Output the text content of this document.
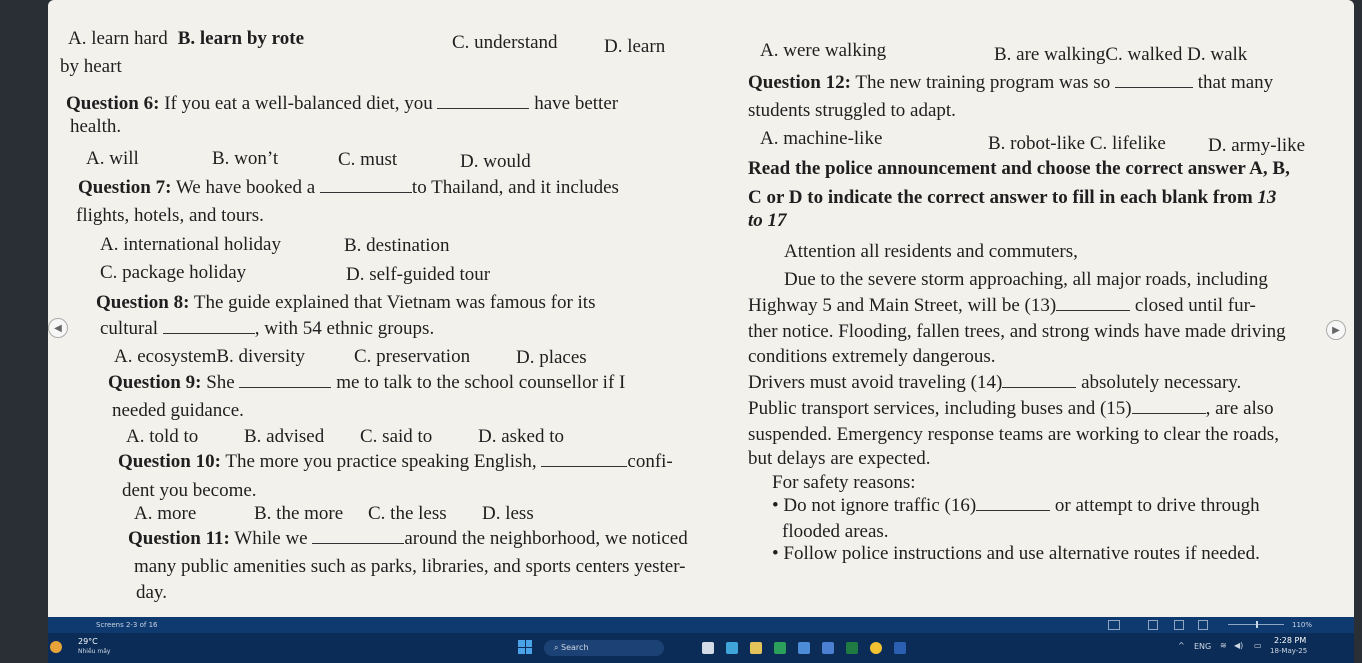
A. learn hard B. learn by rote	C. understand D. learn
by heart
Question 6: If you eat a well-balanced diet, you	have better
health.
A. will	B. won’t	C. must	D. would
Question 7: We have booked a	to Thailand, and it includes
flights, hotels, and tours.
A. international holiday	B. destination
C. package holiday	D. self-guided tour
Question 8: The guide explained that Vietnam was famous for its
cultural	, with 54 ethnic groups.
A. ecosystemB. diversity	C. preservation D. places
Question 9: She	me to talk to the school counsellor if I
needed guidance.
A. told to B. advised C. said to D. asked to
Question 10: The more you practice speaking English,	confi-
dent you become.
A. more	B. the more C. the less D. less
Question 11: While we	around the neighborhood, we noticed
many public amenities such as parks, libraries, and sports centers yester-
day.
◀	▶
A. were walking	B. are walkingC. walked D. walk
Question 12: The new training program was so	that many
students struggled to adapt.
A. machine-like	B. robot-like C. lifelike D. army-like
Read the police announcement and choose the correct answer A, B,
C or D to indicate the correct answer to fill in each blank from 13
to 17
Attention all residents and commuters,
Due to the severe storm approaching, all major roads, including
Highway 5 and Main Street, will be (13)	closed until fur-
ther notice. Flooding, fallen trees, and strong winds have made driving
conditions extremely dangerous.
Drivers must avoid traveling (14)	absolutely necessary.
Public transport services, including buses and (15)	, are also
suspended. Emergency response teams are working to clear the roads,
but delays are expected.
For safety reasons:
• Do not ignore traffic (16)	or attempt to drive through
flooded areas.
• Follow police instructions and use alternative routes if needed.
Screens 2-3 of 16	110%
29°C
Nhiều mây	⌕ Search	^ ENG ≋ ◀) ▭
2:28 PM
18-May-25
